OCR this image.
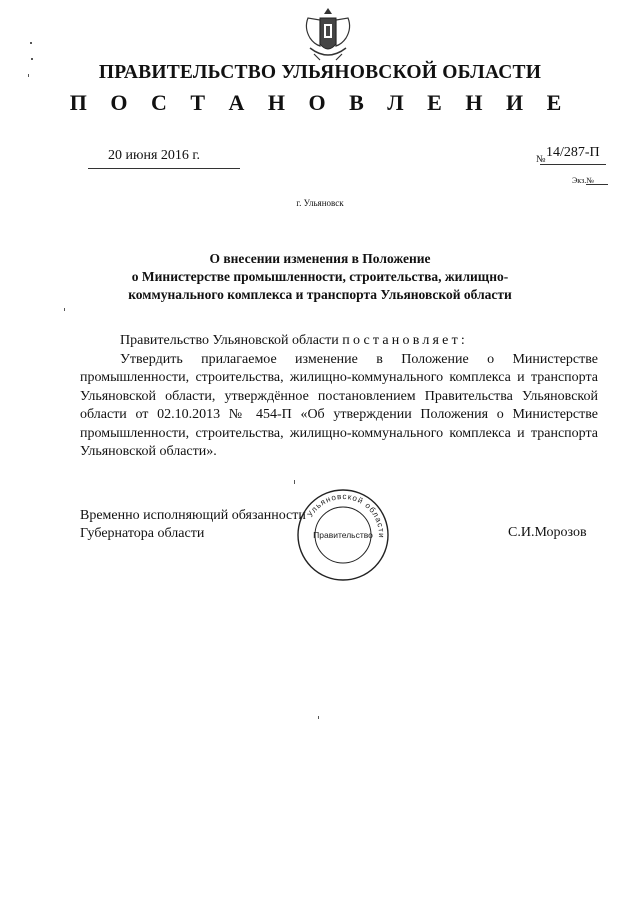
ПРАВИТЕЛЬСТВО УЛЬЯНОВСКОЙ ОБЛАСТИ
П О С Т А Н О В Л Е Н И Е
20 июня 2016 г.	№ 14/287-П
Экз.№
г. Ульяновск
О внесении изменения в Положение
о Министерстве промышленности, строительства, жилищно-
коммунального комплекса и транспорта Ульяновской области

Правительство Ульяновской области постановляет:

Утвердить прилагаемое изменение в Положение о Министерстве промышленности, строительства, жилищно-коммунального комплекса и транспорта Ульяновской области, утверждённое постановлением Правительства Ульяновской области от 02.10.2013 № 454-П «Об утверждении Положения о Министерстве промышленности, строительства, жилищно-коммунального комплекса и транспорта Ульяновской области».

Временно исполняющий обязанности
Губернатора области	С.И.Морозов
Ульяновской области
Правительство
